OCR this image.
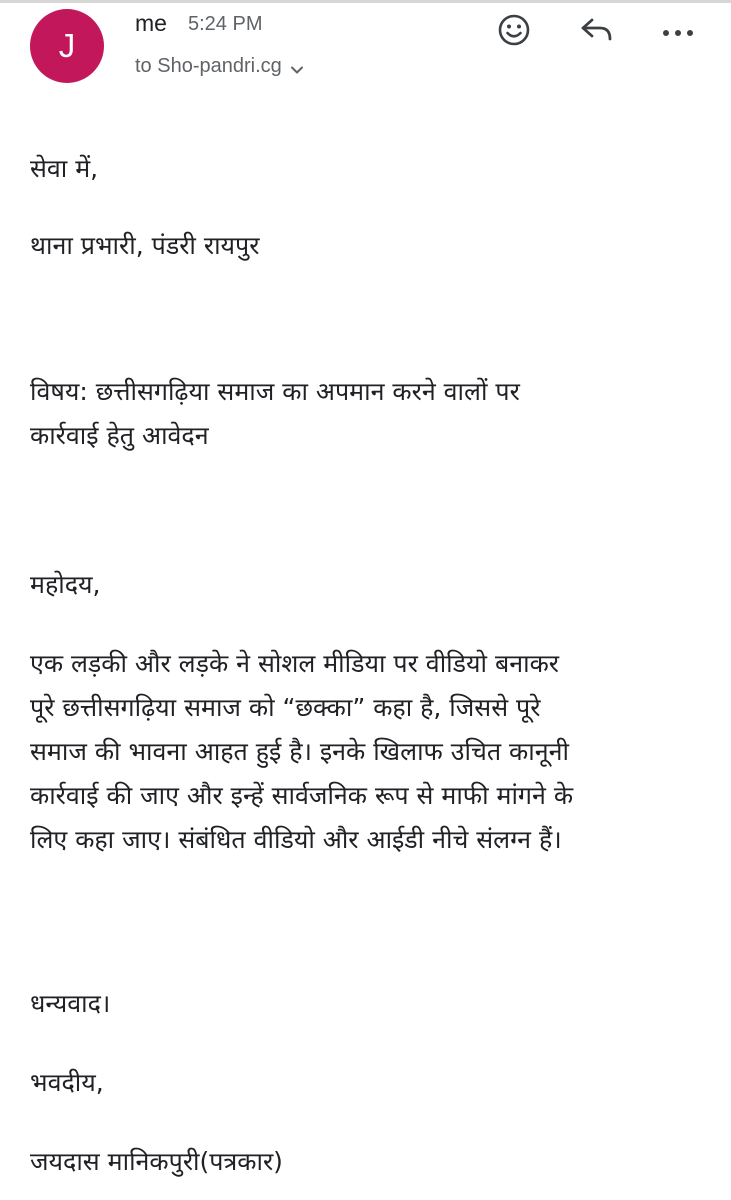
J
me 5:24 PM
to Sho-pandri.cg
सेवा में,
थाना प्रभारी, पंडरी रायपुर
विषय: छत्तीसगढ़िया समाज का अपमान करने वालों पर
कार्रवाई हेतु आवेदन
महोदय,
एक लड़की और लड़के ने सोशल मीडिया पर वीडियो बनाकर
पूरे छत्तीसगढ़िया समाज को “छक्का” कहा है, जिससे पूरे
समाज की भावना आहत हुई है। इनके खिलाफ उचित कानूनी
कार्रवाई की जाए और इन्हें सार्वजनिक रूप से माफी मांगने के
लिए कहा जाए। संबंधित वीडियो और आईडी नीचे संलग्न हैं।
धन्यवाद।
भवदीय,
जयदास मानिकपुरी(पत्रकार)
